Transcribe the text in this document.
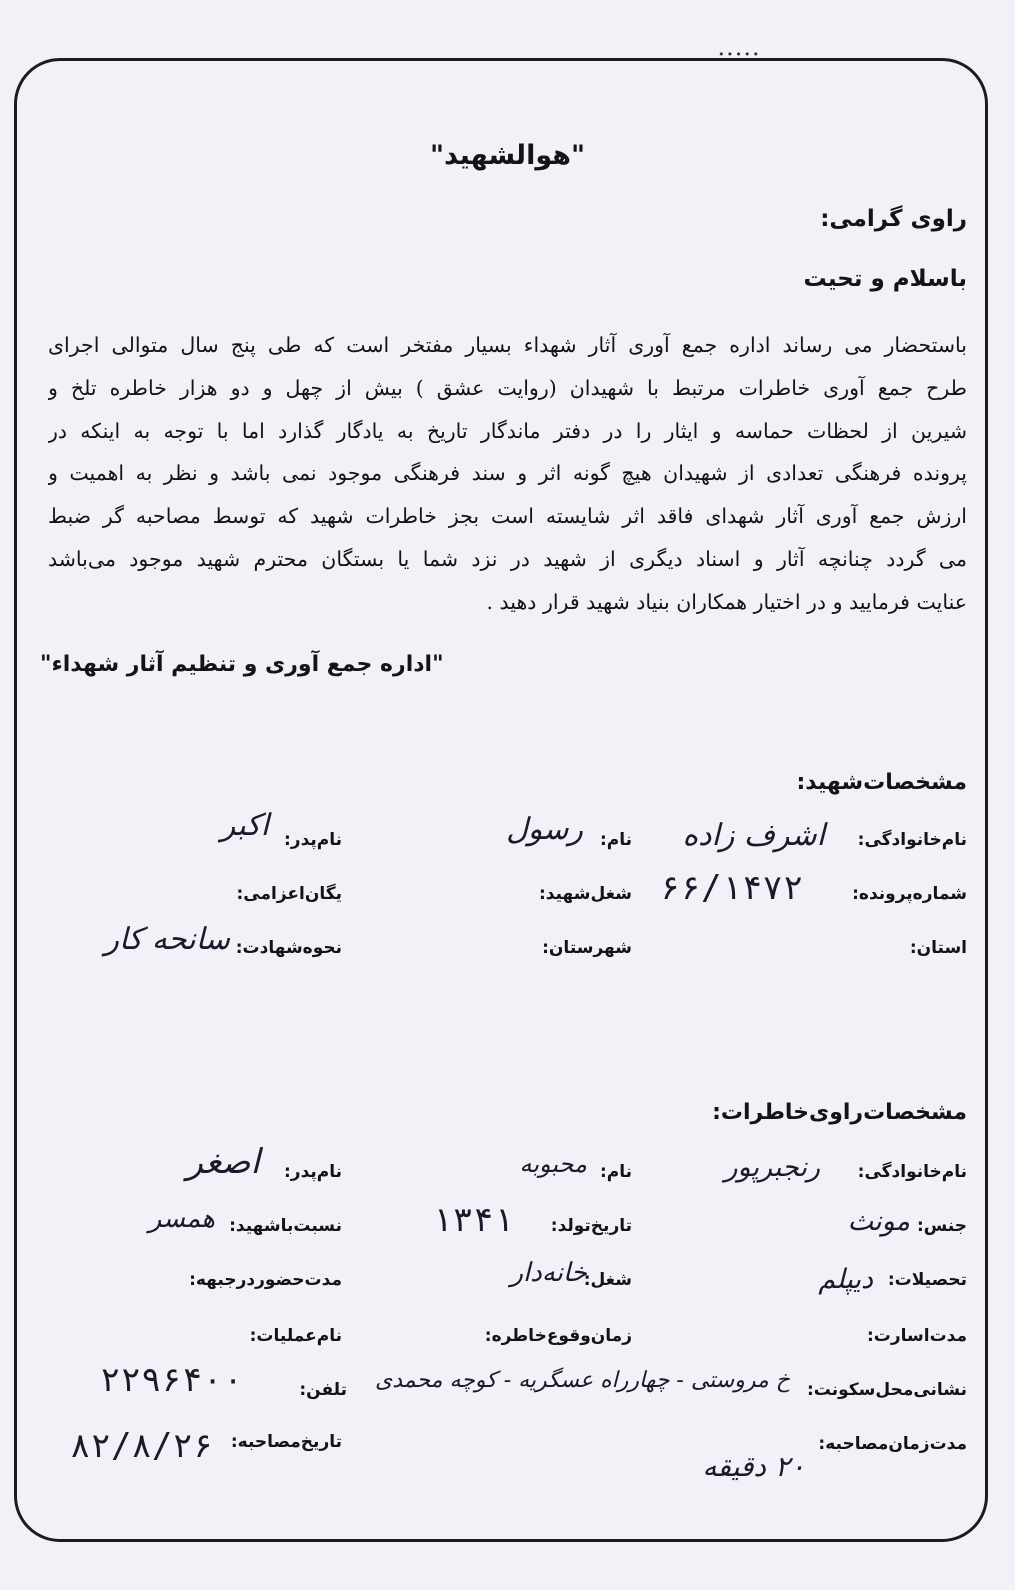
•••••
"هوالشهید"
راوی گرامی:
باسلام و تحیت
باستحضار می رساند اداره جمع آوری آثار شهداء بسیار مفتخر است که طی پنج سال متوالی اجرای
طرح جمع آوری خاطرات مرتبط با شهیدان (روایت عشق ) بیش از چهل و دو هزار خاطره تلخ و
شیرین از لحظات حماسه و ایثار را در دفتر ماندگار تاریخ به یادگار گذارد اما با توجه به اینکه در
پرونده فرهنگی تعدادی از شهیدان هیچ گونه اثر و سند فرهنگی موجود نمی باشد و نظر به اهمیت و
ارزش جمع آوری آثار شهدای فاقد اثر شایسته است بجز خاطرات شهید که توسط مصاحبه گر ضبط
می گردد چنانچه آثار و اسناد دیگری از شهید در نزد شما یا بستگان محترم شهید موجود می‌باشد
عنایت فرمایید و در اختیار همکاران بنیاد شهید قرار دهید .
"اداره جمع آوری و تنظیم آثار شهداء"
مشخصات‌شهید:
نام‌خانوادگی:
اشرف زاده
نام:
رسول
نام‌پدر:
اکبر
شماره‌پرونده:
۶۶/۱۴۷۲
شغل‌شهید:
یگان‌اعزامی:
استان:
شهرستان:
نحوه‌شهادت:
سانحه کار
مشخصات‌راوی‌خاطرات:
نام‌خانوادگی:
رنجبرپور
نام:
محبوبه
نام‌پدر:
اصغر
جنس:
مونث
تاریخ‌تولد:
۱۳۴۱
نسبت‌باشهید:
همسر
تحصیلات:
دیپلم
شغل:
خانه‌دار
مدت‌حضوردرجبهه:
مدت‌اسارت:
زمان‌وقوع‌خاطره:
نام‌عملیات:
نشانی‌محل‌سکونت:
خ مروستی - چهارراه عسگریه - کوچه محمدی
تلفن:
۲۲۹۶۴۰۰
مدت‌زمان‌مصاحبه:
۲۰ دقیقه
تاریخ‌مصاحبه:
۸۲/۸/۲۶
